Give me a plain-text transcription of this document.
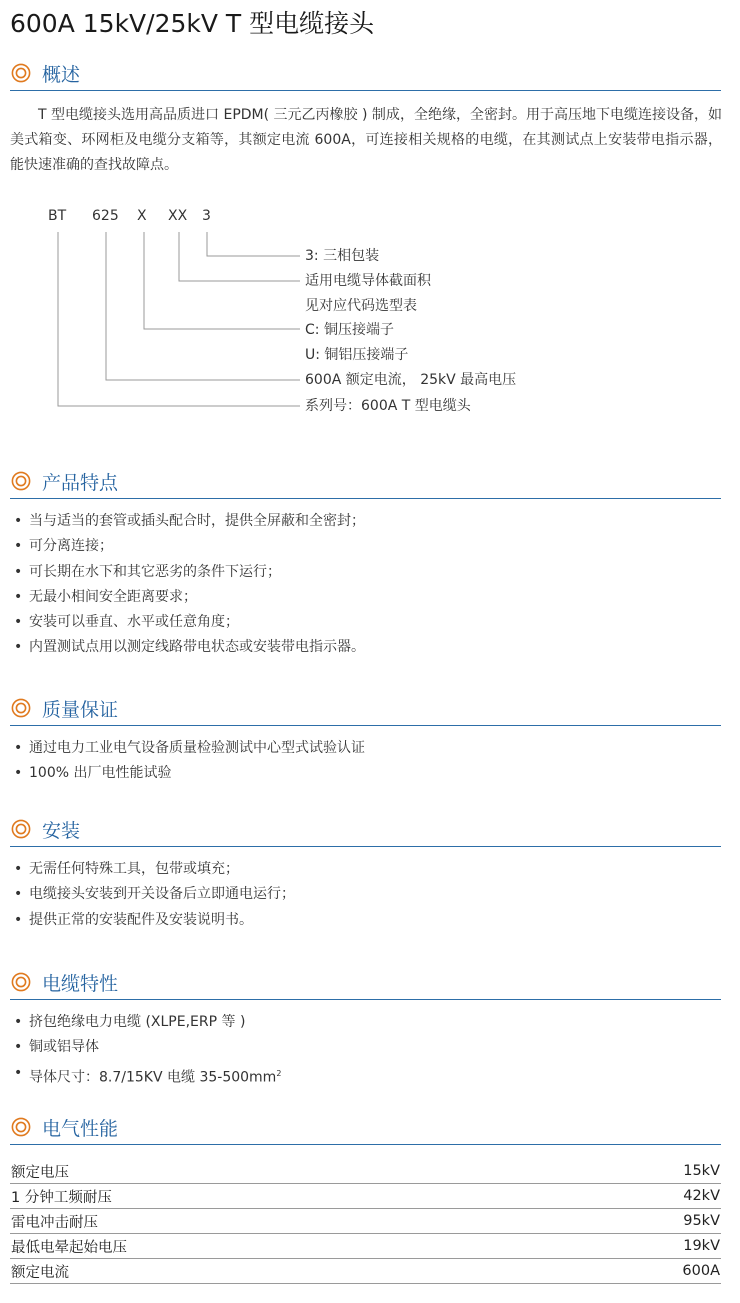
600A 15kV/25kV T 型电缆接头
概述

T 型电缆接头选用高品质进口 EPDM( 三元乙丙橡胶 ) 制成，全绝缘，全密封。用于高压地下电缆连接设备，如美式箱变、环网柜及电缆分支箱等，其额定电流 600A，可连接相关规格的电缆，在其测试点上安装带电指示器，能快速准确的查找故障点。

BT 625 X XX 3
3: 三相包装
适用电缆导体截面积
见对应代码选型表
C: 铜压接端子
U: 铜铝压接端子
600A 额定电流， 25kV 最高电压
系列号：600A T 型电缆头
产品特点
• 当与适当的套管或插头配合时，提供全屏蔽和全密封；
• 可分离连接；
• 可长期在水下和其它恶劣的条件下运行；
• 无最小相间安全距离要求；
• 安装可以垂直、水平或任意角度；
• 内置测试点用以测定线路带电状态或安装带电指示器。
质量保证
• 通过电力工业电气设备质量检验测试中心型式试验认证
• 100% 出厂电性能试验
安装
• 无需任何特殊工具，包带或填充；
• 电缆接头安装到开关设备后立即通电运行；
• 提供正常的安装配件及安装说明书。
电缆特性
• 挤包绝缘电力电缆 (XLPE,ERP 等 )
• 铜或铝导体
• 导体尺寸：8.7/15KV 电缆 $35-500mm^2$
电气性能
额定电压	15kV
1 分钟工频耐压	42kV
雷电冲击耐压	95kV
最低电晕起始电压	19kV
额定电流	600A
